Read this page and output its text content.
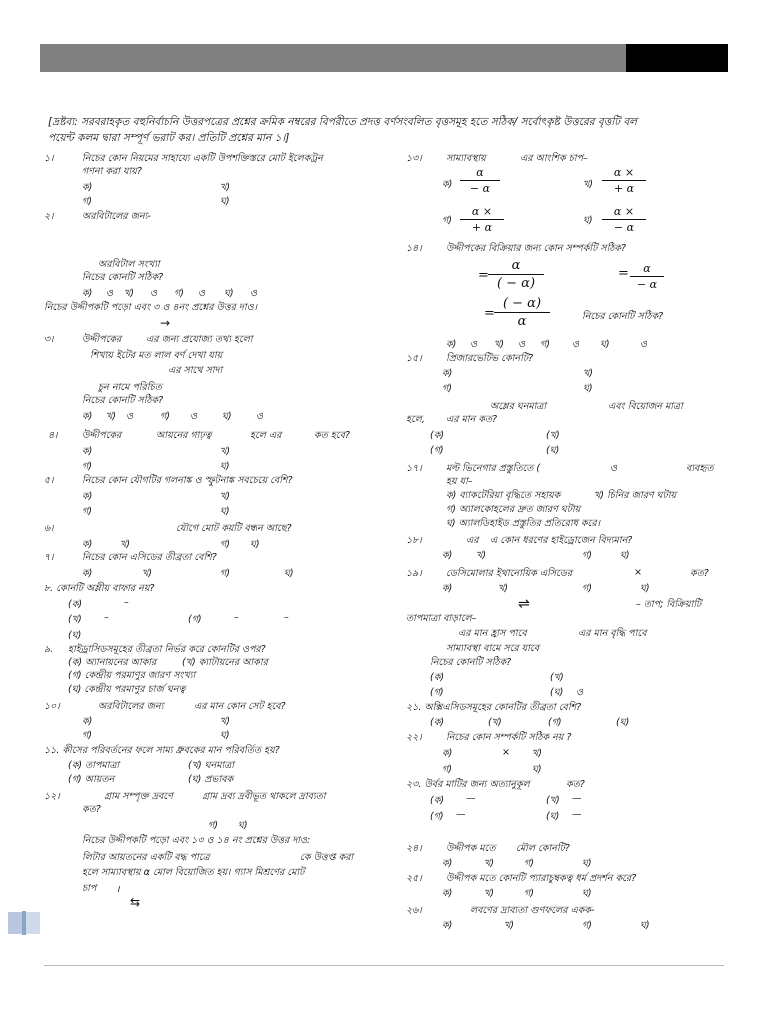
[দ্রষ্টব্য: সরবরাহকৃত বহুনির্বাচনি উত্তরপত্রের প্রশ্নের ক্রমিক নম্বরের বিপরীতে প্রদত্ত বর্ণসংবলিত বৃত্তসমূহ হতে সঠিক/ সর্বোৎকৃষ্ট উত্তরের বৃত্তটি বল
পয়েন্ট কলম দ্বারা সম্পূর্ণ ভরাট কর। প্রতিটি প্রশ্নের মান ১।]
১।	নিচের কোন নিয়মের সাহায্যে একটি উপশক্তিস্তরে মোট ইলেকট্রন
গণনা করা যায়?
ক)	খ)
গ)	ঘ)
২।	অরবিটালের জন্য-
অরবিটাল সংখ্যা
নিচের কোনটি সঠিক?
ক) ও খ) ও গ) ও ঘ) ও
নিচের উদ্দীপকটি পড়ো এবং ৩ ও ৪নং প্রশ্নের উত্তর দাও।
→
৩।	উদ্দীপকের	এর জন্য প্রযোজ্য তথ্য হলো
শিখায় ইটের মত লাল বর্ণ দেখা যায়
এর সাথে সাদা
চুন নামে পরিচিত
নিচের কোনটি সঠিক?
ক) খ) ও	গ) ও	ঘ)	ও
৪।	উদ্দীপকের	আয়নের গাঢ়ত্ব	হলে এর	কত হবে?
ক)	খ)
গ)	ঘ)
৫।	নিচের কোন যৌগটির গলনাঙ্ক ও স্ফুটনাঙ্ক সবচেয়ে বেশি?
ক)	খ)
গ)	ঘ)
৬।	যৌগে মোট কয়টি বন্ধন আছে?
ক)	খ)	গ) ঘ)
৭।	নিচের কোন এসিডের তীব্রতা বেশি?
ক)	খ)	গ)	ঘ)
৮. কোনটি অম্লীয় বাফার নয়?
(ক)	–
(খ) –	(গ)	–	–
(ঘ)
৯. হাইড্রাসিডসমূহের তীব্রতা নির্ভর করে কোনটির ওপর?
(ক) অ্যানায়নের আকার	(খ) ক্যাটায়নের আকার
(গ) কেন্দ্রীয় পরমাণুর জারণ সংখ্যা
(ঘ) কেন্দ্রীয় পরমাণুর চার্জ ঘনত্ব
১০।	অরবিটালের জন্য	এর মান কোন সেট হবে?
ক)	খ)
গ)	ঘ)
১১. কীসের পরিবর্তনের ফলে সাম্য ধ্রুবকের মান পরিবর্তিত হয়?
(ক) তাপমাত্রা	(খ) ঘনমাত্রা
(গ) আয়তন	(ঘ) প্রভাবক
১২।	গ্রাম সম্পৃক্ত দ্রবণে	গ্রাম দ্রব্য দ্রবীভূত থাকলে দ্রাব্যতা
কত?
গ) ঘ)
নিচের উদ্দীপকটি পড়ো এবং ১৩ ও ১৪ নং প্রশ্নের উত্তর দাও:
লিটার আয়তনের একটি বদ্ধ পাত্রে	কে উত্তপ্ত করা
হলে সাম্যাবস্থায় α মোল বিয়োজিত হয়। গ্যাস মিশ্রণের মোট
চাপ ।
⇆
১৩।	সাম্যাবস্থায়	এর আংশিক চাপ–
ক)
α
− α	খ)
α ×
+ α
গ)
α ×
+ α
ঘ)
α ×
− α
১৪।	উদ্দীপকের বিক্রিয়ার জন্য কোন সম্পর্কটি সঠিক?
=
α
( − α)
=	α
− α
=
( − α)
α	নিচের কোনটি সঠিক?
ক) ও খ) ও গ) ও ঘ)	ও
১৫।	প্রিজারভেটিভ কোনটি?
ক)	খ)
গ)	ঘ)
অম্লের ঘনমাত্রা	এবং বিয়োজন মাত্রা
হলে, এর মান কত?
(ক)	(খ)
(গ)	(ঘ)
১৭।	মল্ট ভিনেগার প্রস্তুতিতে (	ও	ব্যবহৃত
হয় যা–
ক) ব্যাকটেরিয়া বৃদ্ধিতে সহায়ক	খ) চিনির জারণ ঘটায়
গ) অ্যালকোহলের দ্রুত জারণ ঘটায়
ঘ) অ্যালডিহাইড প্রস্তুতির প্রতিরোধ করে।
১৮।	এর এ কোন ধরণের হাইড্রোজেন বিদ্যমান?
ক) খ)	গ)	ঘ)
১৯।	ডেসিমোলার ইথানোয়িক এসিডের	×	কত?
ক)	খ)	গ)	ঘ)
⇌	– তাপ; বিক্রিয়াটি
তাপমাত্রা বাড়ালে–
এর মান হ্রাস পাবে	এর মান বৃদ্ধি পাবে
সাম্যাবস্থা বামে সরে যাবে
নিচের কোনটি সঠিক?
(ক)	(খ)
(গ)	(ঘ) ও
২১. অক্সিএসিডসমূহের কোনটির তীব্রতা বেশি?
(ক)	(খ)	(গ)	(ঘ)
২২।	নিচের কোন সম্পর্কটি সঠিক নয় ?
ক)	× খ)
গ)	ঘ)
২৩. উর্বর মাটির জন্য অত্যানুকূল	কত?
(ক) —	(খ) —
(গ) —	(ঘ) —
২৪।	উদ্দীপক মতে মৌল কোনটি?
ক)	খ)	গ)	ঘ)
২৫।	উদ্দীপক মতে কোনটি প্যারাচুম্বকত্ব ধর্ম প্রদর্শন করে?
ক)	খ)	গ)	ঘ)
২৬।	লবণের দ্রাব্যতা গুণফলের একক-
ক)	খ)	গ)	ঘ)
